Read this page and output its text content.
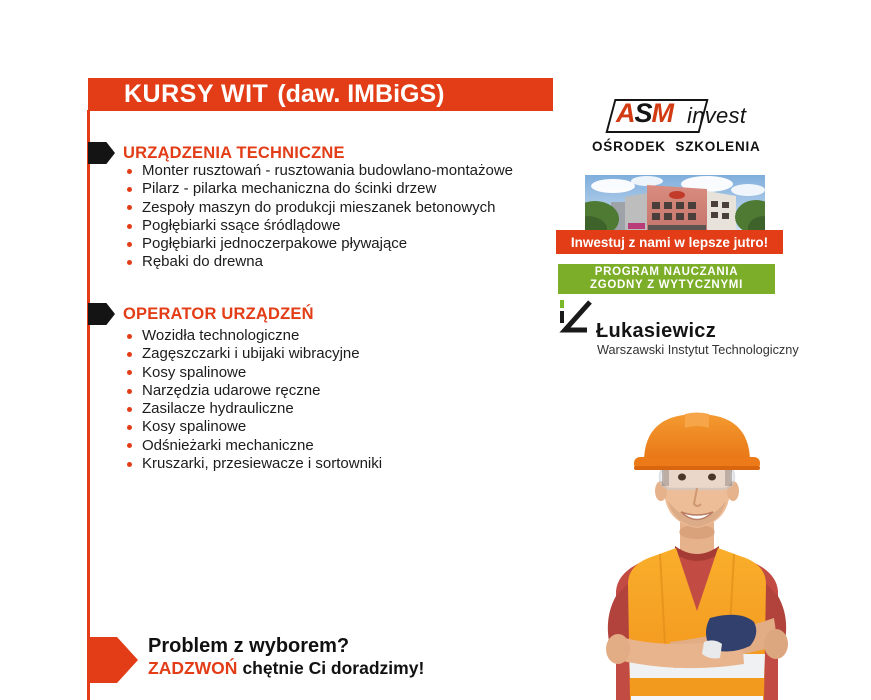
KURSY WIT (daw. IMBiGS)
URZĄDZENIA TECHNICZNE
Monter rusztowań - rusztowania budowlano-montażowe
Pilarz - pilarka mechaniczna do ścinki drzew
Zespoły maszyn do produkcji mieszanek betonowych
Pogłębiarki ssące śródlądowe
Pogłębiarki jednoczerpakowe pływające
Rębaki do drewna
OPERATOR URZĄDZEŃ
Wozidła technologiczne
Zagęszczarki i ubijaki wibracyjne
Kosy spalinowe
Narzędzia udarowe ręczne
Zasilacze hydrauliczne
Kosy spalinowe
Odśnieżarki mechaniczne
Kruszarki, przesiewacze i sortowniki
ASM invest
OŚRODEK SZKOLENIA
Inwestuj z nami w lepsze jutro!
PROGRAM NAUCZANIA
ZGODNY Z WYTYCZNYMI
Łukasiewicz
Warszawski Instytut Technologiczny
Problem z wyborem?
ZADZWOŃ chętnie Ci doradzimy!
